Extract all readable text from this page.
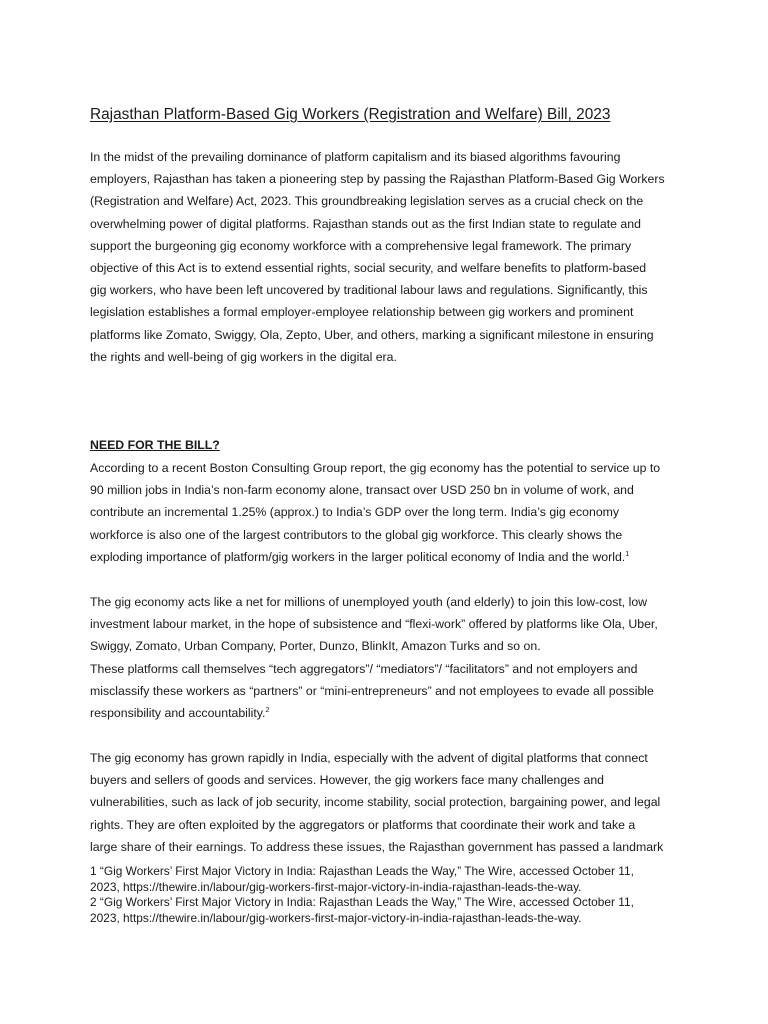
Rajasthan Platform-Based Gig Workers (Registration and Welfare) Bill, 2023

In the midst of the prevailing dominance of platform capitalism and its biased algorithms favouring
employers, Rajasthan has taken a pioneering step by passing the Rajasthan Platform-Based Gig Workers
(Registration and Welfare) Act, 2023. This groundbreaking legislation serves as a crucial check on the
overwhelming power of digital platforms. Rajasthan stands out as the first Indian state to regulate and
support the burgeoning gig economy workforce with a comprehensive legal framework. The primary
objective of this Act is to extend essential rights, social security, and welfare benefits to platform-based
gig workers, who have been left uncovered by traditional labour laws and regulations. Significantly, this
legislation establishes a formal employer-employee relationship between gig workers and prominent
platforms like Zomato, Swiggy, Ola, Zepto, Uber, and others, marking a significant milestone in ensuring
the rights and well-being of gig workers in the digital era.

NEED FOR THE BILL?

According to a recent Boston Consulting Group report, the gig economy has the potential to service up to
90 million jobs in India’s non-farm economy alone, transact over USD 250 bn in volume of work, and
contribute an incremental 1.25% (approx.) to India’s GDP over the long term. India’s gig economy
workforce is also one of the largest contributors to the global gig workforce. This clearly shows the
exploding importance of platform/gig workers in the larger political economy of India and the world.$^1$

The gig economy acts like a net for millions of unemployed youth (and elderly) to join this low-cost, low
investment labour market, in the hope of subsistence and “flexi-work” offered by platforms like Ola, Uber,
Swiggy, Zomato, Urban Company, Porter, Dunzo, BlinkIt, Amazon Turks and so on.
These platforms call themselves “tech aggregators”/ “mediators”/ “facilitators” and not employers and
misclassify these workers as “partners” or “mini-entrepreneurs” and not employees to evade all possible
responsibility and accountability.$^2$

The gig economy has grown rapidly in India, especially with the advent of digital platforms that connect
buyers and sellers of goods and services. However, the gig workers face many challenges and
vulnerabilities, such as lack of job security, income stability, social protection, bargaining power, and legal
rights. They are often exploited by the aggregators or platforms that coordinate their work and take a
large share of their earnings. To address these issues, the Rajasthan government has passed a landmark

1 “Gig Workers’ First Major Victory in India: Rajasthan Leads the Way,” The Wire, accessed October 11,
2023, https://thewire.in/labour/gig-workers-first-major-victory-in-india-rajasthan-leads-the-way.
2 “Gig Workers’ First Major Victory in India: Rajasthan Leads the Way,” The Wire, accessed October 11,
2023, https://thewire.in/labour/gig-workers-first-major-victory-in-india-rajasthan-leads-the-way.
